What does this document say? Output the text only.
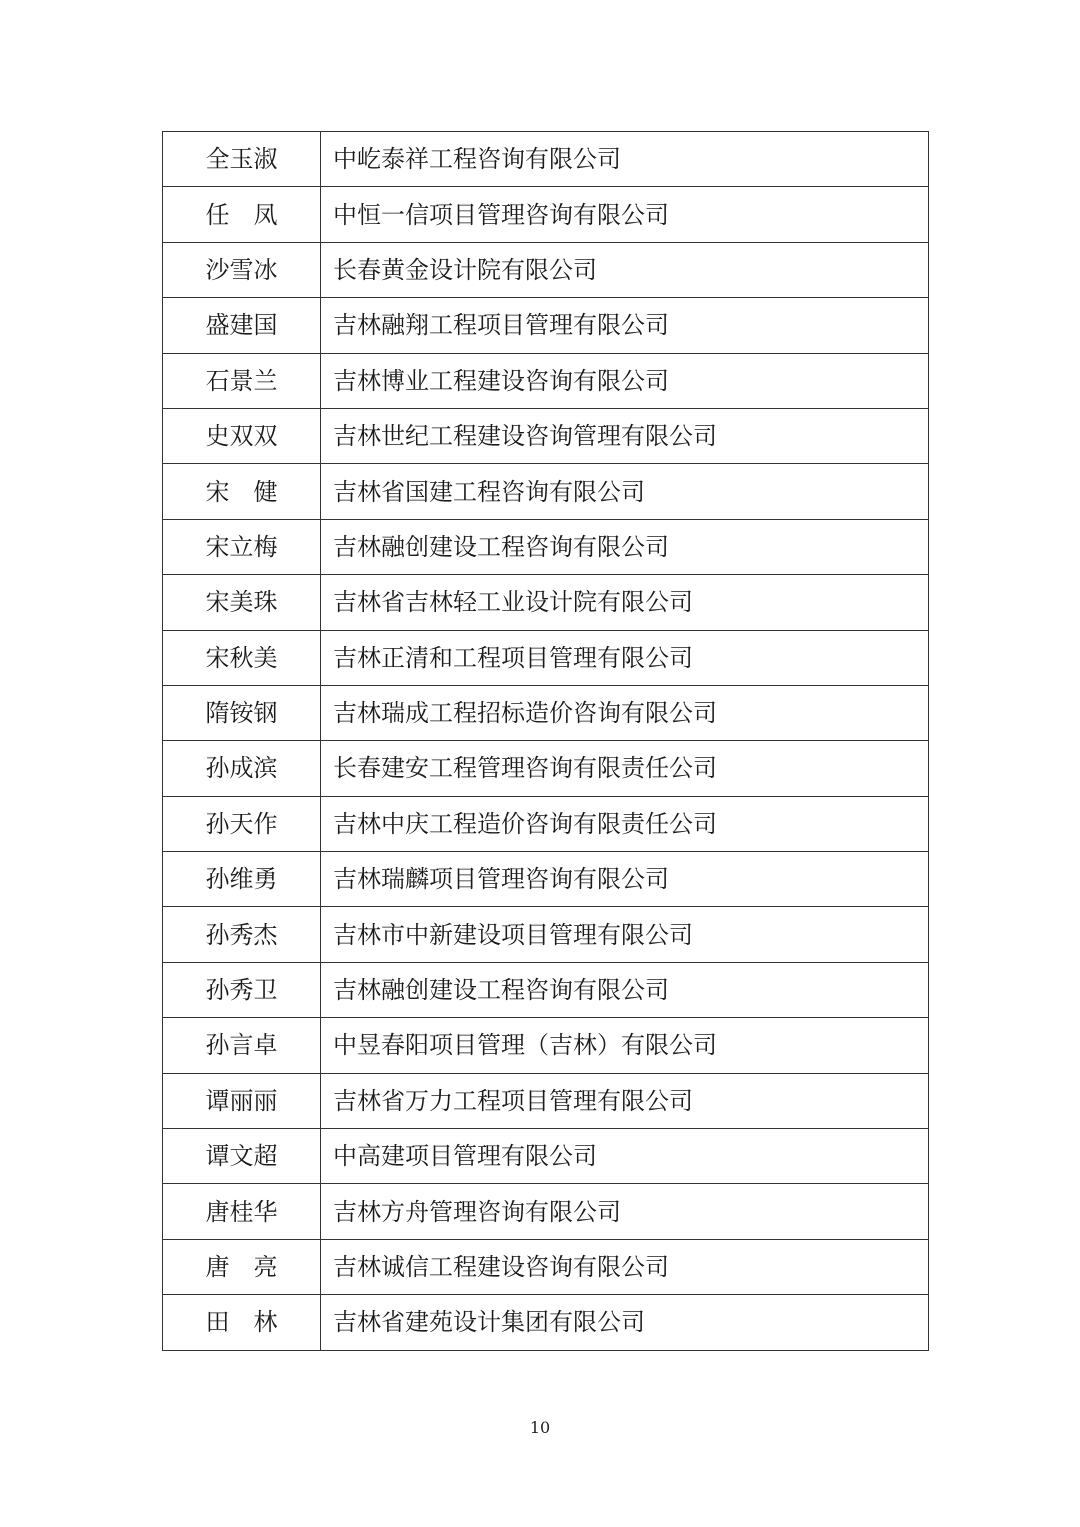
全玉淑	中屹泰祥工程咨询有限公司
任　凤	中恒一信项目管理咨询有限公司
沙雪冰	长春黄金设计院有限公司
盛建国	吉林融翔工程项目管理有限公司
石景兰	吉林博业工程建设咨询有限公司
史双双	吉林世纪工程建设咨询管理有限公司
宋　健	吉林省国建工程咨询有限公司
宋立梅	吉林融创建设工程咨询有限公司
宋美珠	吉林省吉林轻工业设计院有限公司
宋秋美	吉林正清和工程项目管理有限公司
隋铵钢	吉林瑞成工程招标造价咨询有限公司
孙成滨	长春建安工程管理咨询有限责任公司
孙天作	吉林中庆工程造价咨询有限责任公司
孙维勇	吉林瑞麟项目管理咨询有限公司
孙秀杰	吉林市中新建设项目管理有限公司
孙秀卫	吉林融创建设工程咨询有限公司
孙言卓	中昱春阳项目管理（吉林）有限公司
谭丽丽	吉林省万力工程项目管理有限公司
谭文超	中高建项目管理有限公司
唐桂华	吉林方舟管理咨询有限公司
唐　亮	吉林诚信工程建设咨询有限公司
田　林	吉林省建苑设计集团有限公司
10
